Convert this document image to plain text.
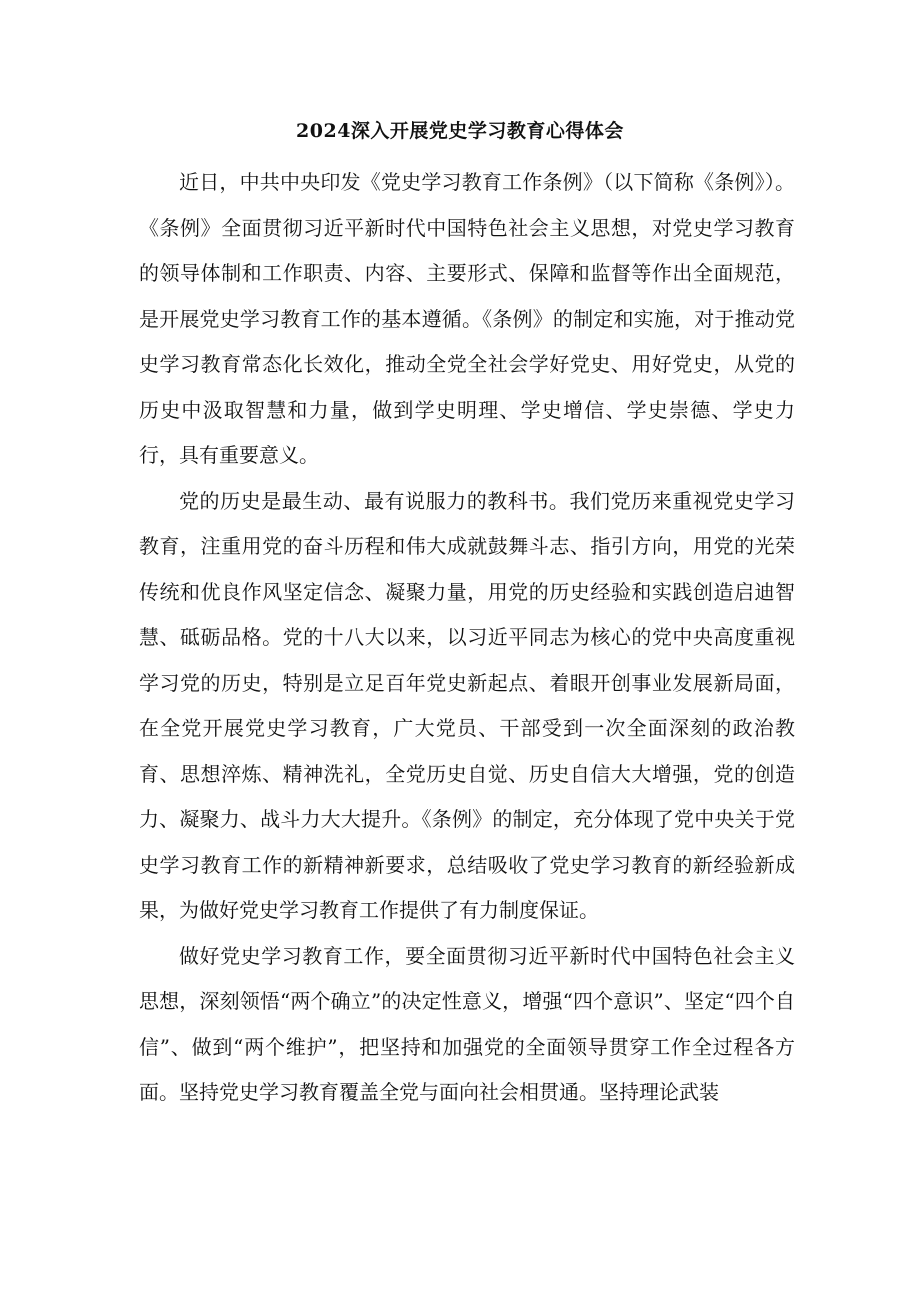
2024深入开展党史学习教育心得体会

近日，中共中央印发《党史学习教育工作条例》（以下简称《条例》）。《条例》全面贯彻习近平新时代中国特色社会主义思想，对党史学习教育的领导体制和工作职责、内容、主要形式、保障和监督等作出全面规范，是开展党史学习教育工作的基本遵循。《条例》的制定和实施，对于推动党史学习教育常态化长效化，推动全党全社会学好党史、用好党史，从党的历史中汲取智慧和力量，做到学史明理、学史增信、学史崇德、学史力行，具有重要意义。

党的历史是最生动、最有说服力的教科书。我们党历来重视党史学习教育，注重用党的奋斗历程和伟大成就鼓舞斗志、指引方向，用党的光荣传统和优良作风坚定信念、凝聚力量，用党的历史经验和实践创造启迪智慧、砥砺品格。党的十八大以来，以习近平同志为核心的党中央高度重视学习党的历史，特别是立足百年党史新起点、着眼开创事业发展新局面，在全党开展党史学习教育，广大党员、干部受到一次全面深刻的政治教育、思想淬炼、精神洗礼，全党历史自觉、历史自信大大增强，党的创造力、凝聚力、战斗力大大提升。《条例》的制定，充分体现了党中央关于党史学习教育工作的新精神新要求，总结吸收了党史学习教育的新经验新成果，为做好党史学习教育工作提供了有力制度保证。

做好党史学习教育工作，要全面贯彻习近平新时代中国特色社会主义思想，深刻领悟“两个确立”的决定性意义，增强“四个意识”、坚定“四个自信”、做到“两个维护”，把坚持和加强党的全面领导贯穿工作全过程各方面。坚持党史学习教育覆盖全党与面向社会相贯通。坚持理论武装
